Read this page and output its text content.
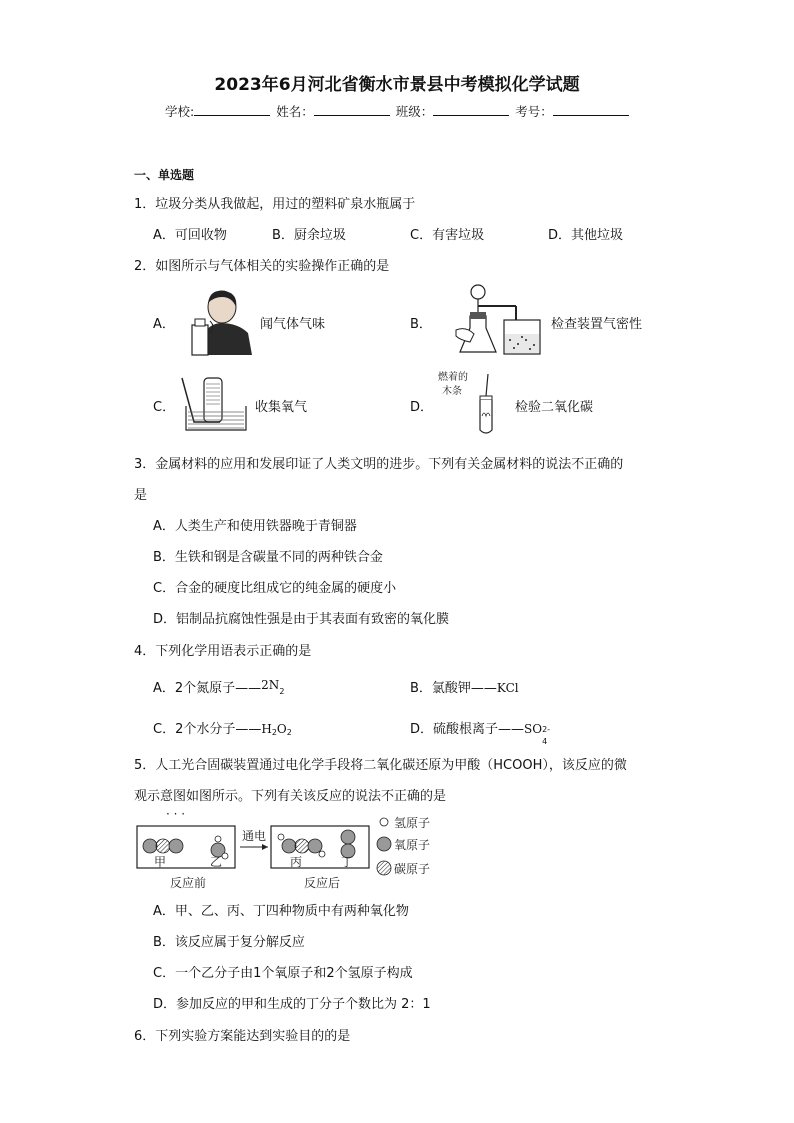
2023年6月河北省衡水市景县中考模拟化学试题
学校:	姓名：	班级：	考号：
一、单选题
1．垃圾分类从我做起，用过的塑料矿泉水瓶属于
A．可回收物	B．厨余垃圾	C．有害垃圾	D．其他垃圾
2．如图所示与气体相关的实验操作正确的是
A．	闻气体气味	B．	检查装置气密性
C．	收集氧气	D．
燃着的
木条
检验二氧化碳
3．金属材料的应用和发展印证了人类文明的进步。下列有关金属材料的说法不正确的
是
A．人类生产和使用铁器晚于青铜器
B．生铁和钢是含碳量不同的两种铁合金
C．合金的硬度比组成它的纯金属的硬度小
D．铝制品抗腐蚀性强是由于其表面有致密的氧化膜
4．下列化学用语表示正确的是
A．2个氮原子$——2N_2$	B．氯酸钾——KCl
C．2个水分子$——H_2O_2$	D．硫酸根离子——SO 2-
4
5．人工光合固碳装置通过电化学手段将二氧化碳还原为甲酸（HCOOH），该反应的微
观示意图如图所示。下列有关该反应的说法不正确的是
· · ·
甲	乙
反应前
通电
丙	丁
反应后
氢原子
氧原子
碳原子
A．甲、乙、丙、丁四种物质中有两种氧化物
B．该反应属于复分解反应
C．一个乙分子由1个氧原子和2个氢原子构成
D．参加反应的甲和生成的丁分子个数比为 2：1
6．下列实验方案能达到实验目的的是
